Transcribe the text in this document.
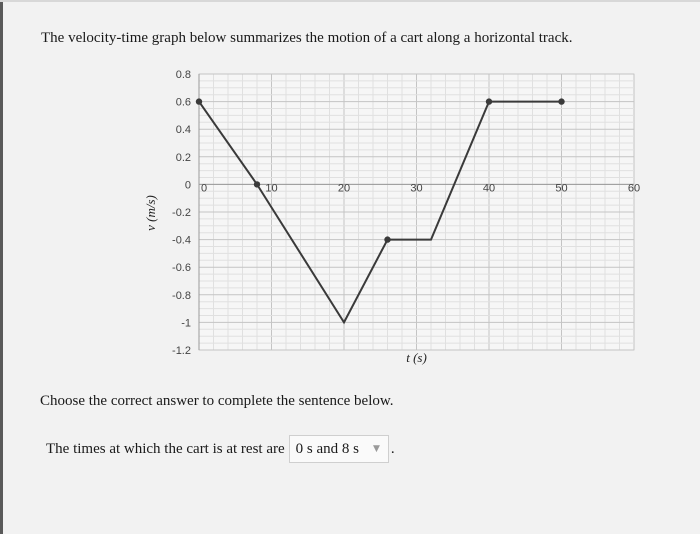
The velocity-time graph below summarizes the motion of a cart along a horizontal track.
0.8
0.6
0.4
0.2
0
-0.2
-0.4
-0.6
-0.8
-1
-1.2
0	10	20	30	40	50	60
v (m/s)
t (s)
Choose the correct answer to complete the sentence below.
The times at which the cart is at rest are 0 s and 8 s ▼ .
